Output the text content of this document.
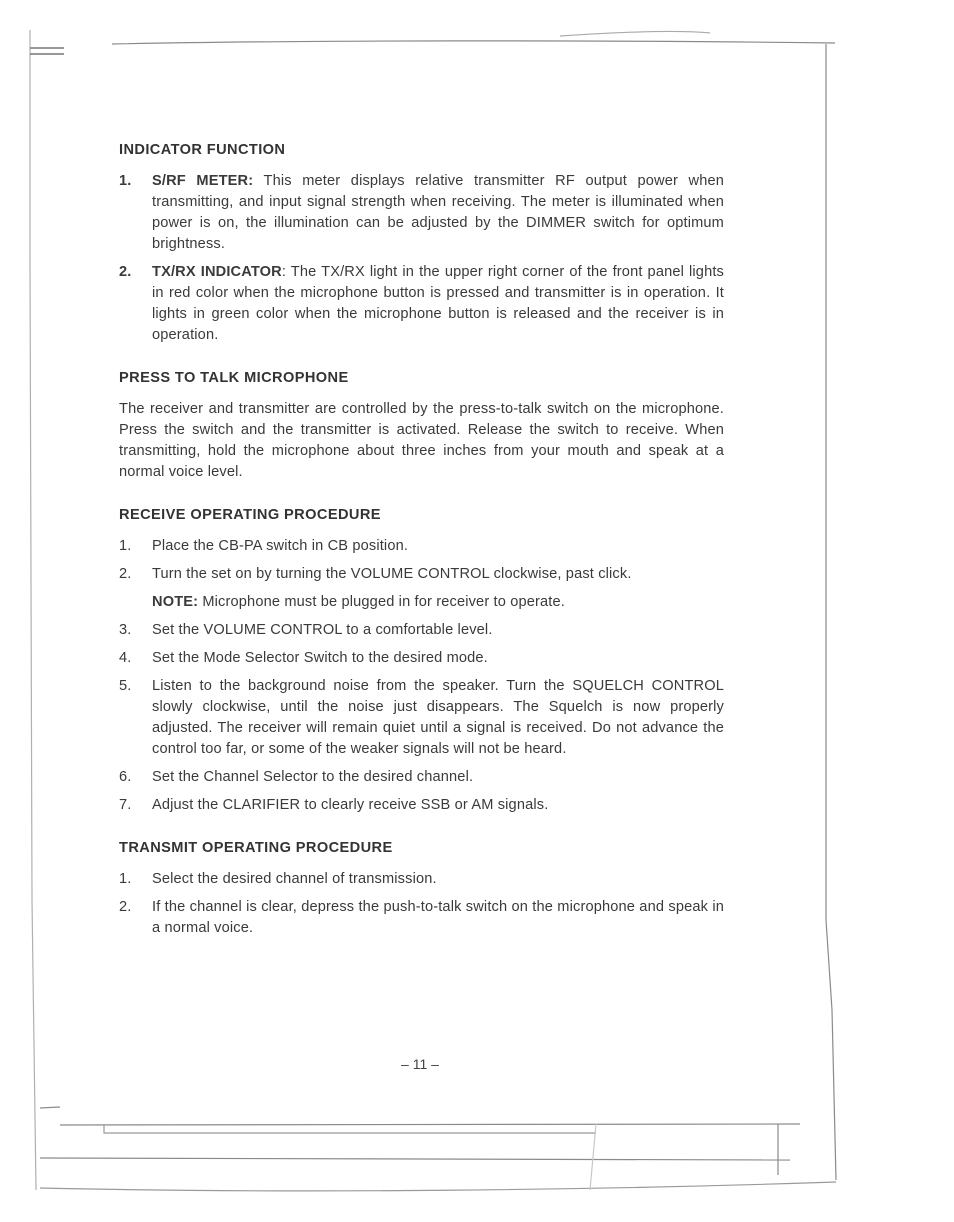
INDICATOR FUNCTION
1.	S/RF METER: This meter displays relative transmitter RF output power when transmitting, and input signal strength when receiving. The meter is illuminated when power is on, the illumination can be adjusted by the DIMMER switch for optimum brightness.
2.	TX/RX INDICATOR: The TX/RX light in the upper right corner of the front panel lights in red color when the microphone button is pressed and transmitter is in operation. It lights in green color when the microphone button is released and the receiver is in operation.
PRESS TO TALK MICROPHONE

The receiver and transmitter are controlled by the press-to-talk switch on the microphone. Press the switch and the transmitter is activated. Release the switch to receive. When transmitting, hold the microphone about three inches from your mouth and speak at a normal voice level.

RECEIVE OPERATING PROCEDURE
1.	Place the CB-PA switch in CB position.
2.	Turn the set on by turning the VOLUME CONTROL clockwise, past click.
NOTE: Microphone must be plugged in for receiver to operate.
3.	Set the VOLUME CONTROL to a comfortable level.
4.	Set the Mode Selector Switch to the desired mode.
5.	Listen to the background noise from the speaker. Turn the SQUELCH CONTROL slowly clockwise, until the noise just disappears. The Squelch is now properly adjusted. The receiver will remain quiet until a signal is received. Do not advance the control too far, or some of the weaker signals will not be heard.
6.	Set the Channel Selector to the desired channel.
7.	Adjust the CLARIFIER to clearly receive SSB or AM signals.
TRANSMIT OPERATING PROCEDURE
1.	Select the desired channel of transmission.
2.	If the channel is clear, depress the push-to-talk switch on the microphone and speak in a normal voice.
– 11 –
